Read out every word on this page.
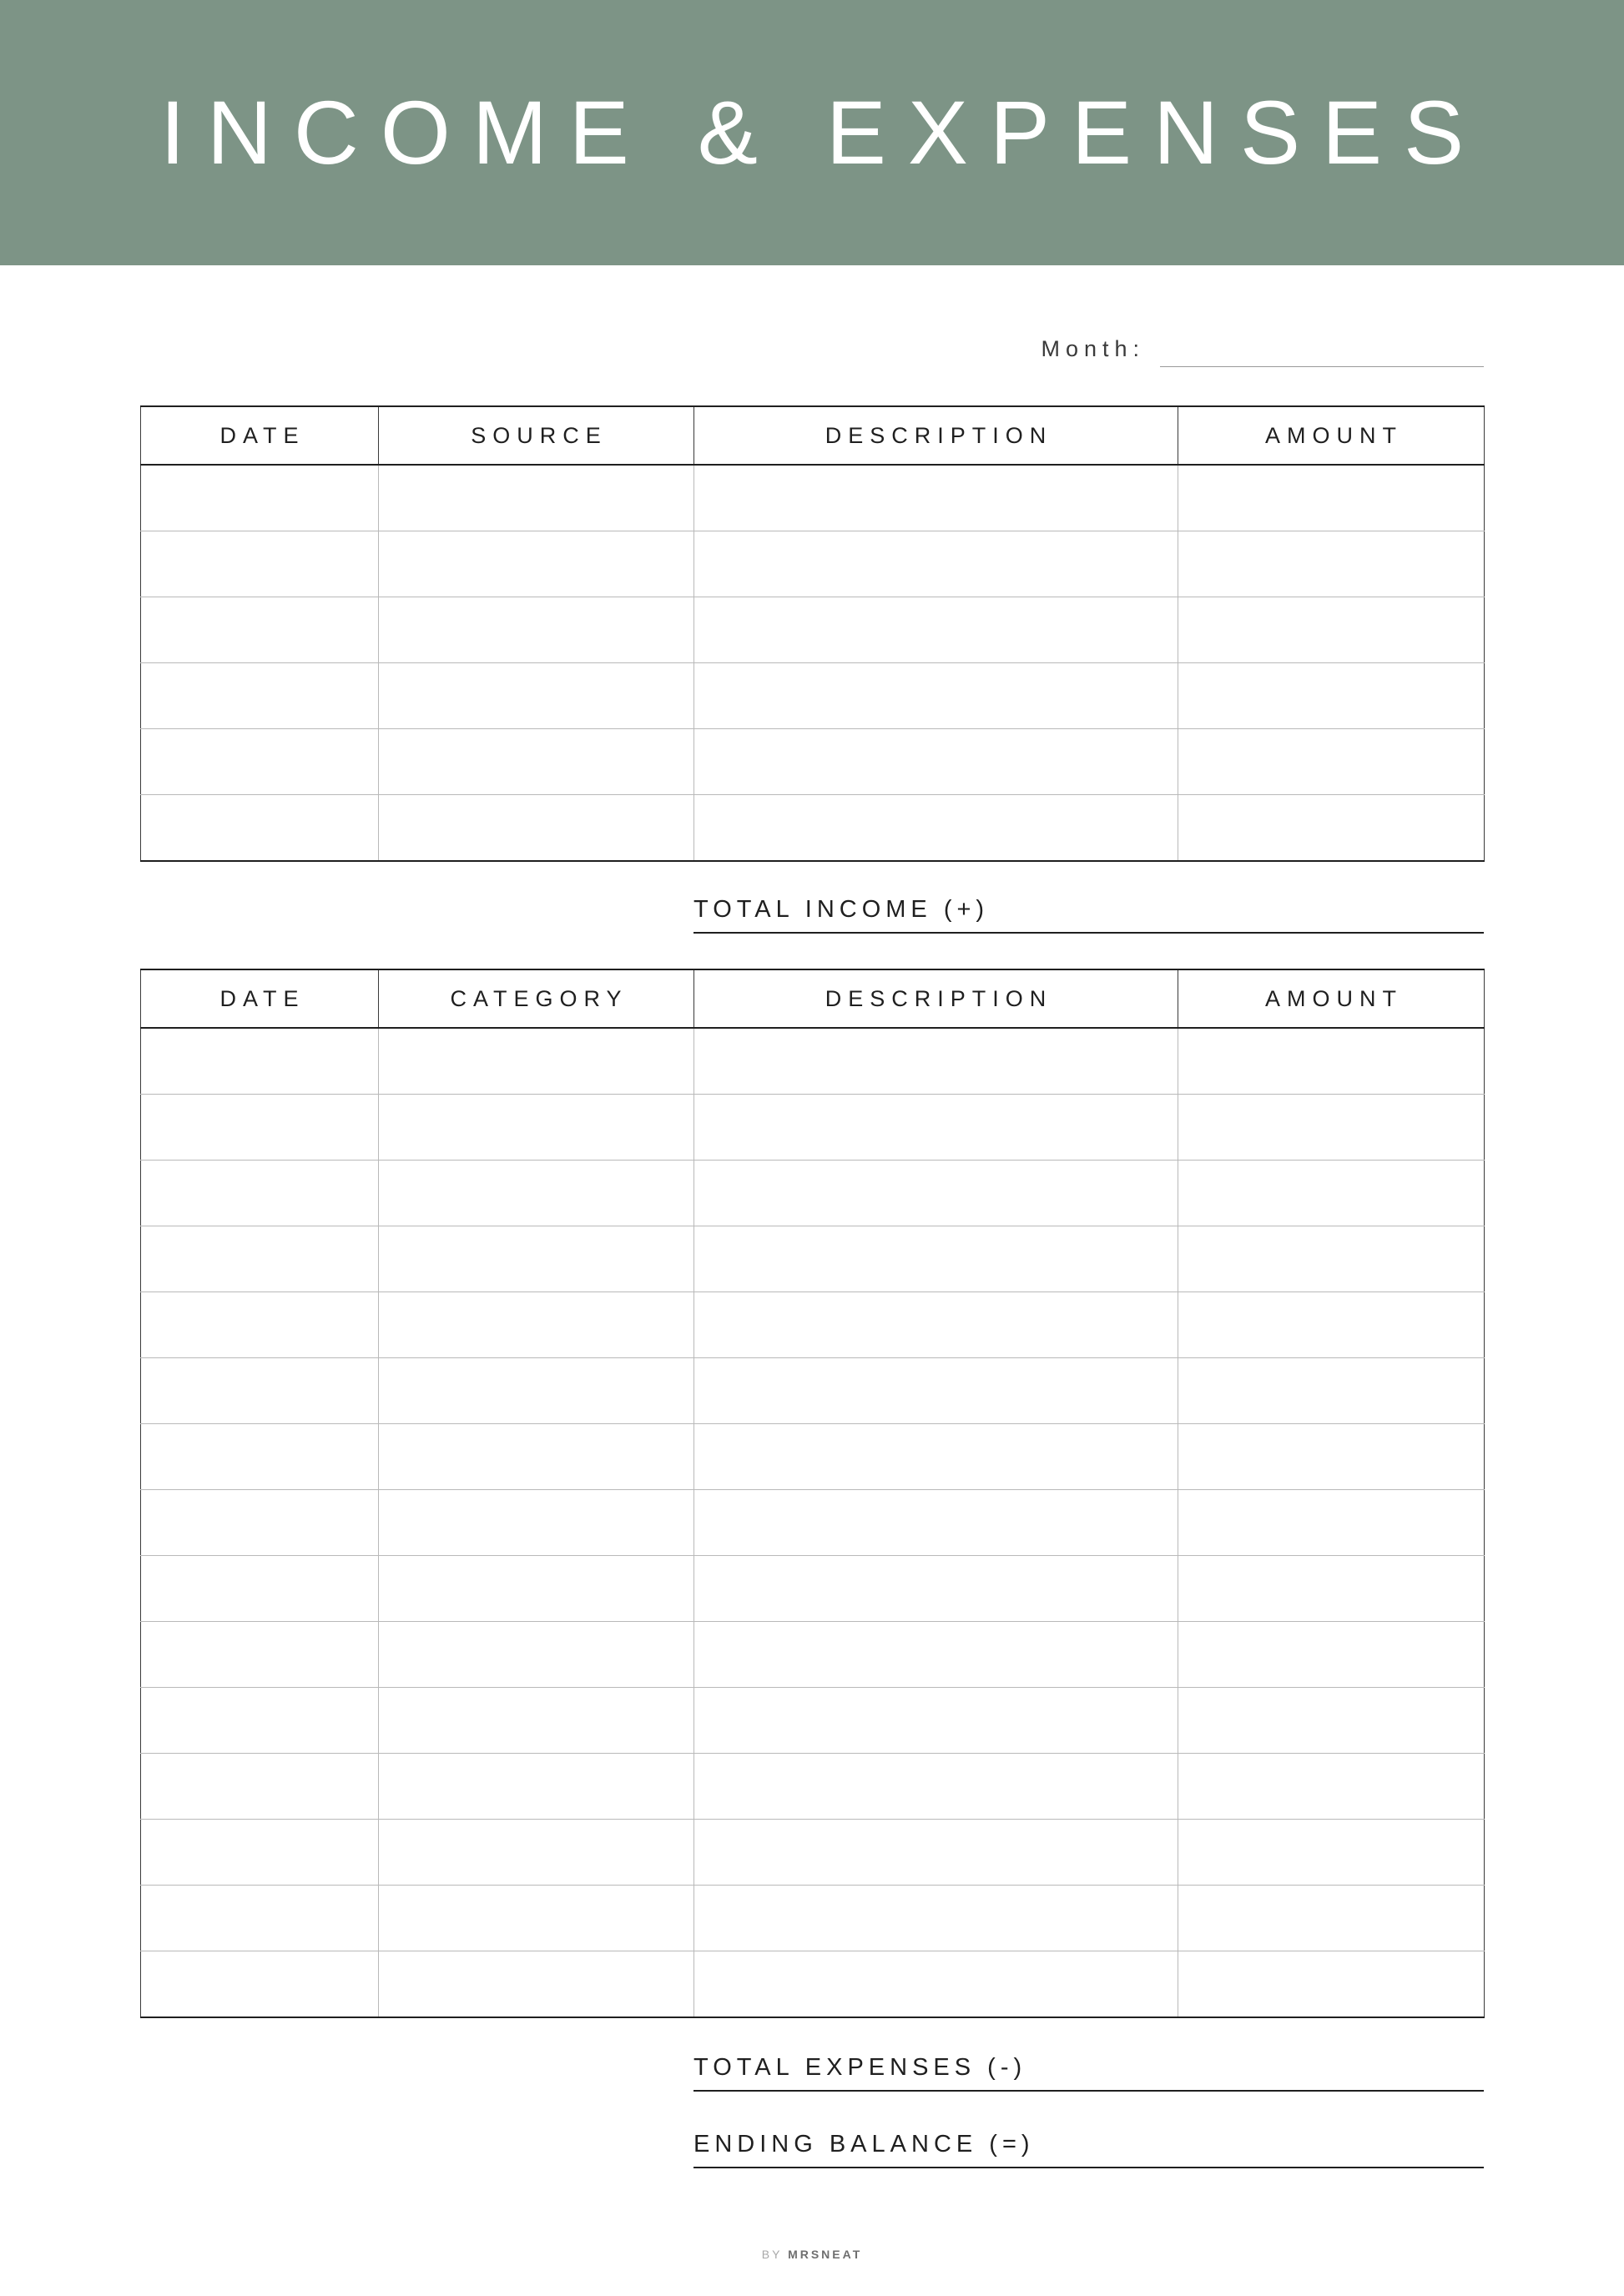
INCOME & EXPENSES
Month:
DATE	SOURCE	DESCRIPTION	AMOUNT

TOTAL INCOME (+)
DATE	CATEGORY	DESCRIPTION	AMOUNT

TOTAL EXPENSES (-)
ENDING BALANCE (=)
BY MRSNEAT
